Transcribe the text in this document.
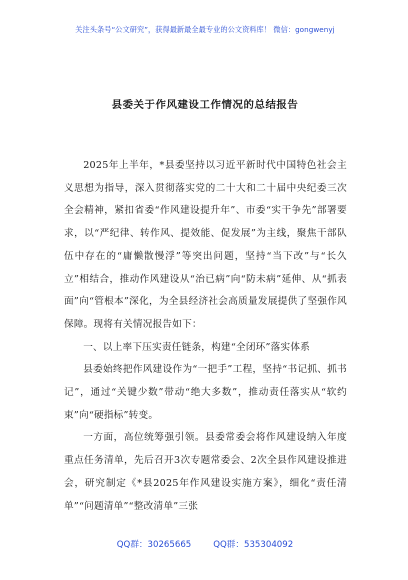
关注头条号“公文研究”，获得最新最全最专业的公文资料库！ 微信：gongwenyj
县委关于作风建设工作情况的总结报告

2025年上半年，*县委坚持以习近平新时代中国特色社会主义思想为指导，深入贯彻落实党的二十大和二十届中央纪委三次全会精神，紧扣省委“作风建设提升年”、市委“实干争先”部署要求，以“严纪律、转作风、提效能、促发展”为主线，聚焦干部队伍中存在的“庸懒散慢浮”等突出问题，坚持“当下改”与“长久立”相结合，推动作风建设从“治已病”向“防未病”延伸、从“抓表面”向“管根本”深化，为全县经济社会高质量发展提供了坚强作风保障。现将有关情况报告如下：

一、以上率下压实责任链条，构建“全闭环”落实体系

县委始终把作风建设作为“一把手”工程，坚持“书记抓、抓书记”，通过“关键少数”带动“绝大多数”，推动责任落实从“软约束”向“硬指标”转变。

一方面，高位统筹强引领。县委常委会将作风建设纳入年度重点任务清单，先后召开3次专题常委会、2次全县作风建设推进会，研究制定《*县2025年作风建设实施方案》，细化“责任清单”“问题清单”“整改清单”三张

QQ群：30265665	QQ群：535304092
